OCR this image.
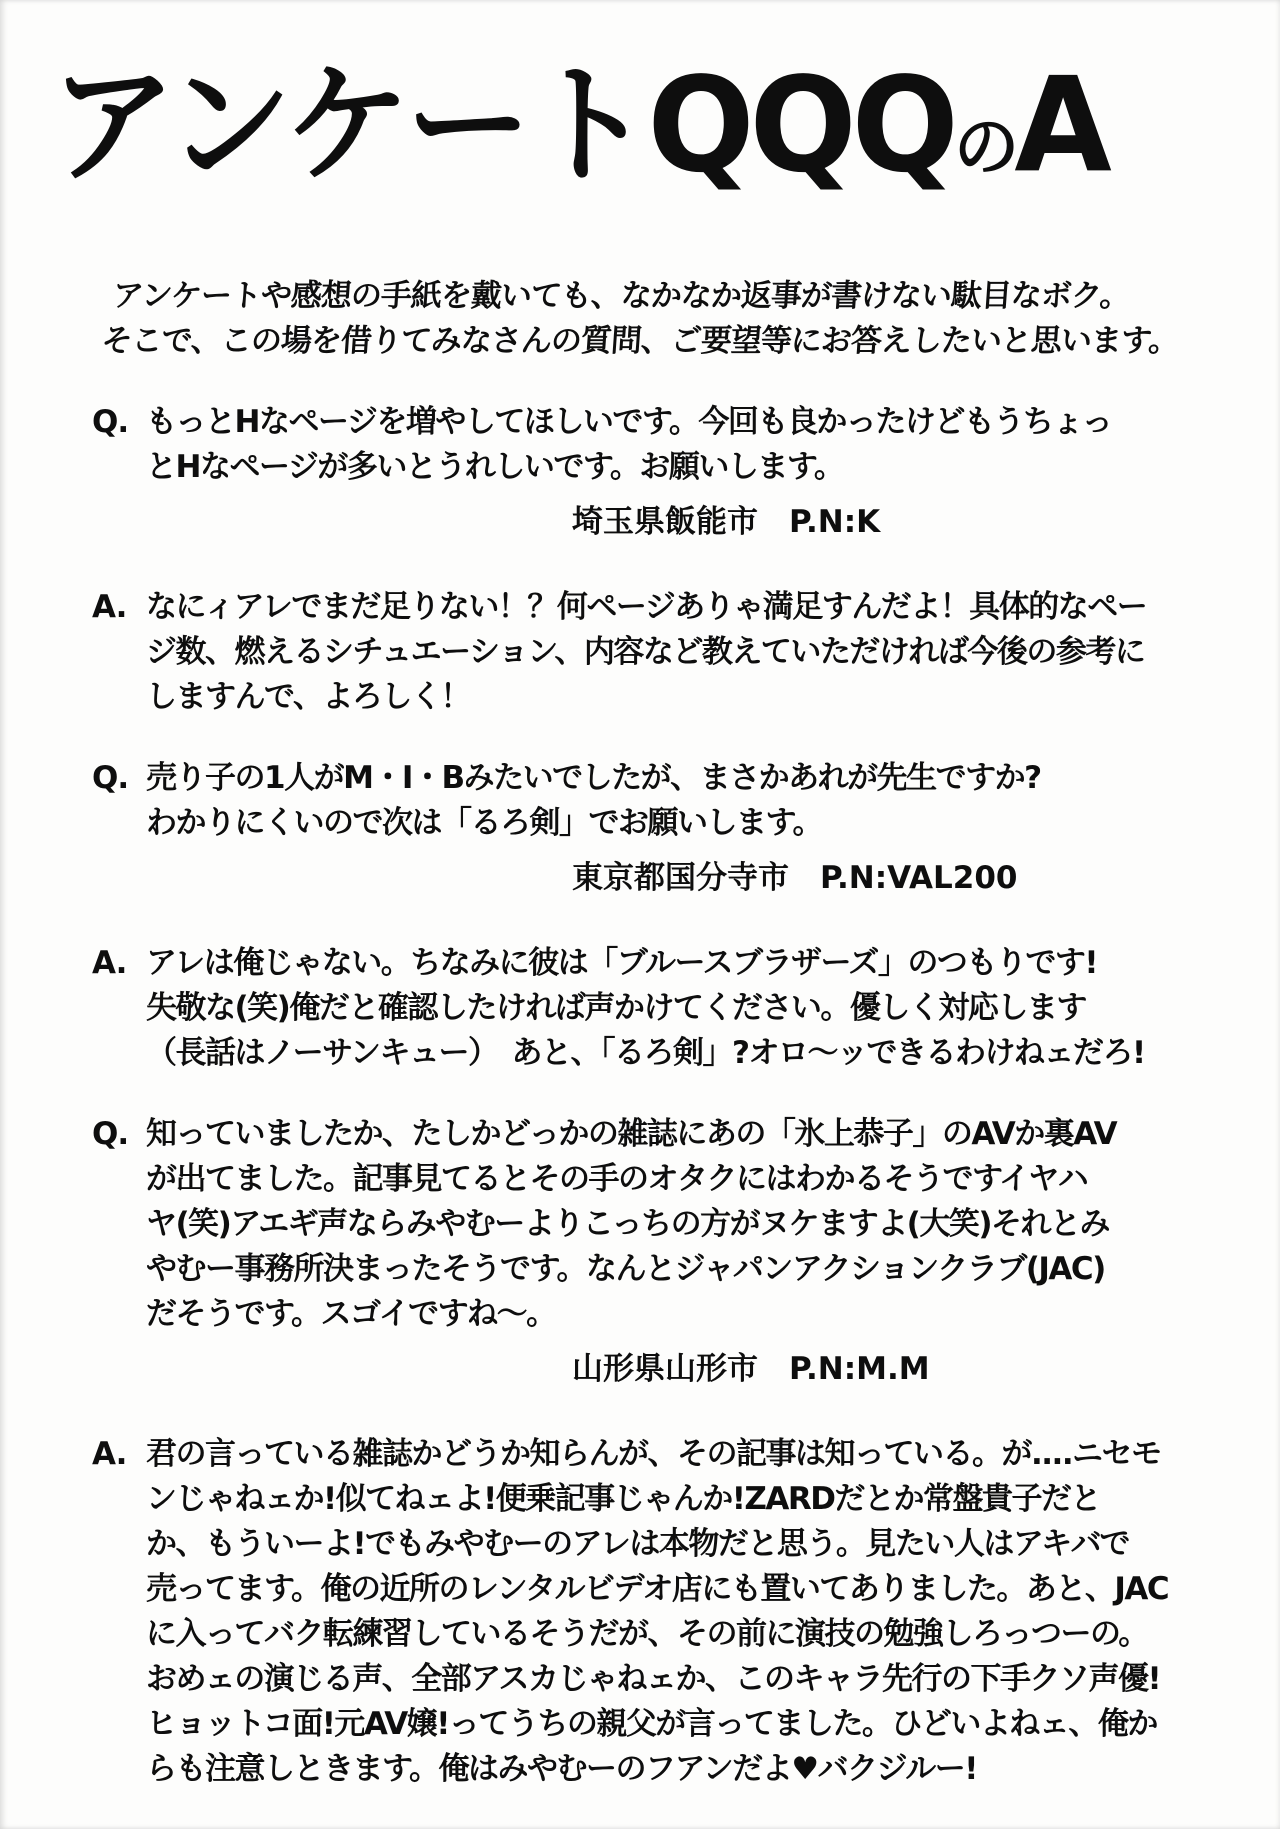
アンケートQQQのA
アンケートや感想の手紙を戴いても、なかなか返事が書けない駄目なボク。
そこで、この場を借りてみなさんの質問、ご要望等にお答えしたいと思います。
Q. もっとHなページを増やしてほしいです。今回も良かったけどもうちょっ
とHなページが多いとうれしいです。お願いします。
埼玉県飯能市　P.N:K
A. なにィアレでまだ足りない！？何ページありゃ満足すんだよ！具体的なペー
ジ数、燃えるシチュエーション、内容など教えていただければ今後の参考に
しますんで、よろしく！
Q. 売り子の1人がM・I・Bみたいでしたが、まさかあれが先生ですか?
わかりにくいので次は「るろ剣」でお願いします。
東京都国分寺市　P.N:VAL200
A. アレは俺じゃない。ちなみに彼は「ブルースブラザーズ」のつもりです!
失敬な(笑)俺だと確認したければ声かけてください。優しく対応します
（長話はノーサンキュー）　あと、「るろ剣」?オロ〜ッできるわけねェだろ!
Q. 知っていましたか、たしかどっかの雑誌にあの「氷上恭子」のAVか裏AV
が出てました。記事見てるとその手のオタクにはわかるそうですイヤハ
ヤ(笑)アエギ声ならみやむーよりこっちの方がヌケますよ(大笑)それとみ
やむー事務所決まったそうです。なんとジャパンアクションクラブ(JAC)
だそうです。スゴイですね〜。
山形県山形市　P.N:M.M
A. 君の言っている雑誌かどうか知らんが、その記事は知っている。が....ニセモ
ンじゃねェか!似てねェよ!便乗記事じゃんか!ZARDだとか常盤貴子だと
か、もういーよ!でもみやむーのアレは本物だと思う。見たい人はアキバで
売ってます。俺の近所のレンタルビデオ店にも置いてありました。あと、JAC
に入ってバク転練習しているそうだが、その前に演技の勉強しろっつーの。
おめェの演じる声、全部アスカじゃねェか、このキャラ先行の下手クソ声優!
ヒョットコ面!元AV嬢!ってうちの親父が言ってました。ひどいよねェ、俺か
らも注意しときます。俺はみやむーのフアンだよ♥バクジルー!
